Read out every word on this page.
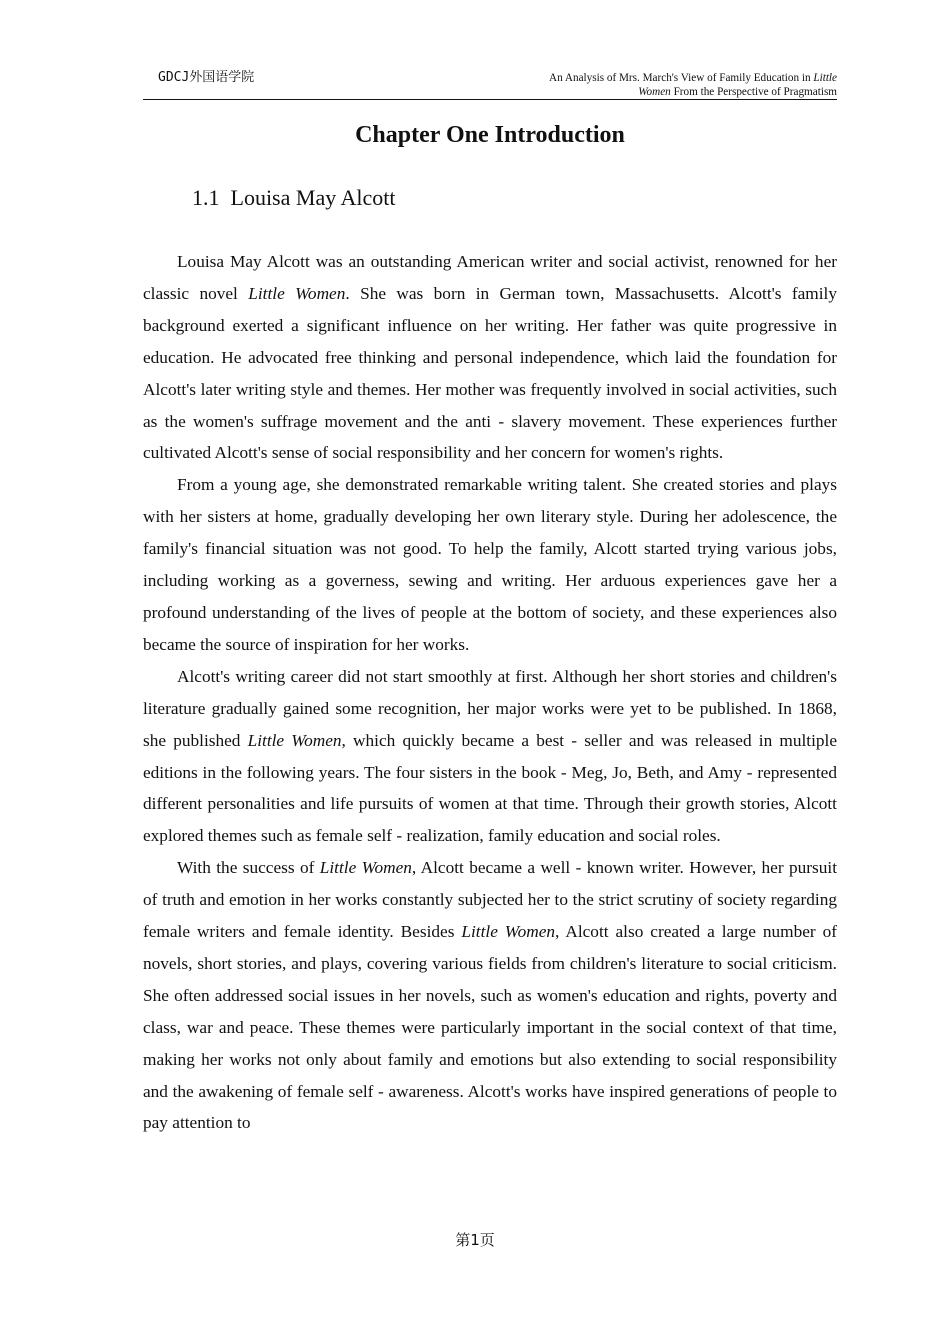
GDCJ外国语学院	An Analysis of Mrs. March's View of Family Education in Little
Women From the Perspective of Pragmatism
Chapter One Introduction
1.1 Louisa May Alcott

Louisa May Alcott was an outstanding American writer and social activist, renowned for her classic novel Little Women. She was born in German town, Massachusetts. Alcott's family background exerted a significant influence on her writing. Her father was quite progressive in education. He advocated free thinking and personal independence, which laid the foundation for Alcott's later writing style and themes. Her mother was frequently involved in social activities, such as the women's suffrage movement and the anti - slavery movement. These experiences further cultivated Alcott's sense of social responsibility and her concern for women's rights.

From a young age, she demonstrated remarkable writing talent. She created stories and plays with her sisters at home, gradually developing her own literary style. During her adolescence, the family's financial situation was not good. To help the family, Alcott started trying various jobs, including working as a governess, sewing and writing. Her arduous experiences gave her a profound understanding of the lives of people at the bottom of society, and these experiences also became the source of inspiration for her works.

Alcott's writing career did not start smoothly at first. Although her short stories and children's literature gradually gained some recognition, her major works were yet to be published. In 1868, she published Little Women, which quickly became a best - seller and was released in multiple editions in the following years. The four sisters in the book - Meg, Jo, Beth, and Amy - represented different personalities and life pursuits of women at that time. Through their growth stories, Alcott explored themes such as female self - realization, family education and social roles.

With the success of Little Women, Alcott became a well - known writer. However, her pursuit of truth and emotion in her works constantly subjected her to the strict scrutiny of society regarding female writers and female identity. Besides Little Women, Alcott also created a large number of novels, short stories, and plays, covering various fields from children's literature to social criticism. She often addressed social issues in her novels, such as women's education and rights, poverty and class, war and peace. These themes were particularly important in the social context of that time, making her works not only about family and emotions but also extending to social responsibility and the awakening of female self - awareness. Alcott's works have inspired generations of people to pay attention to

第1页
